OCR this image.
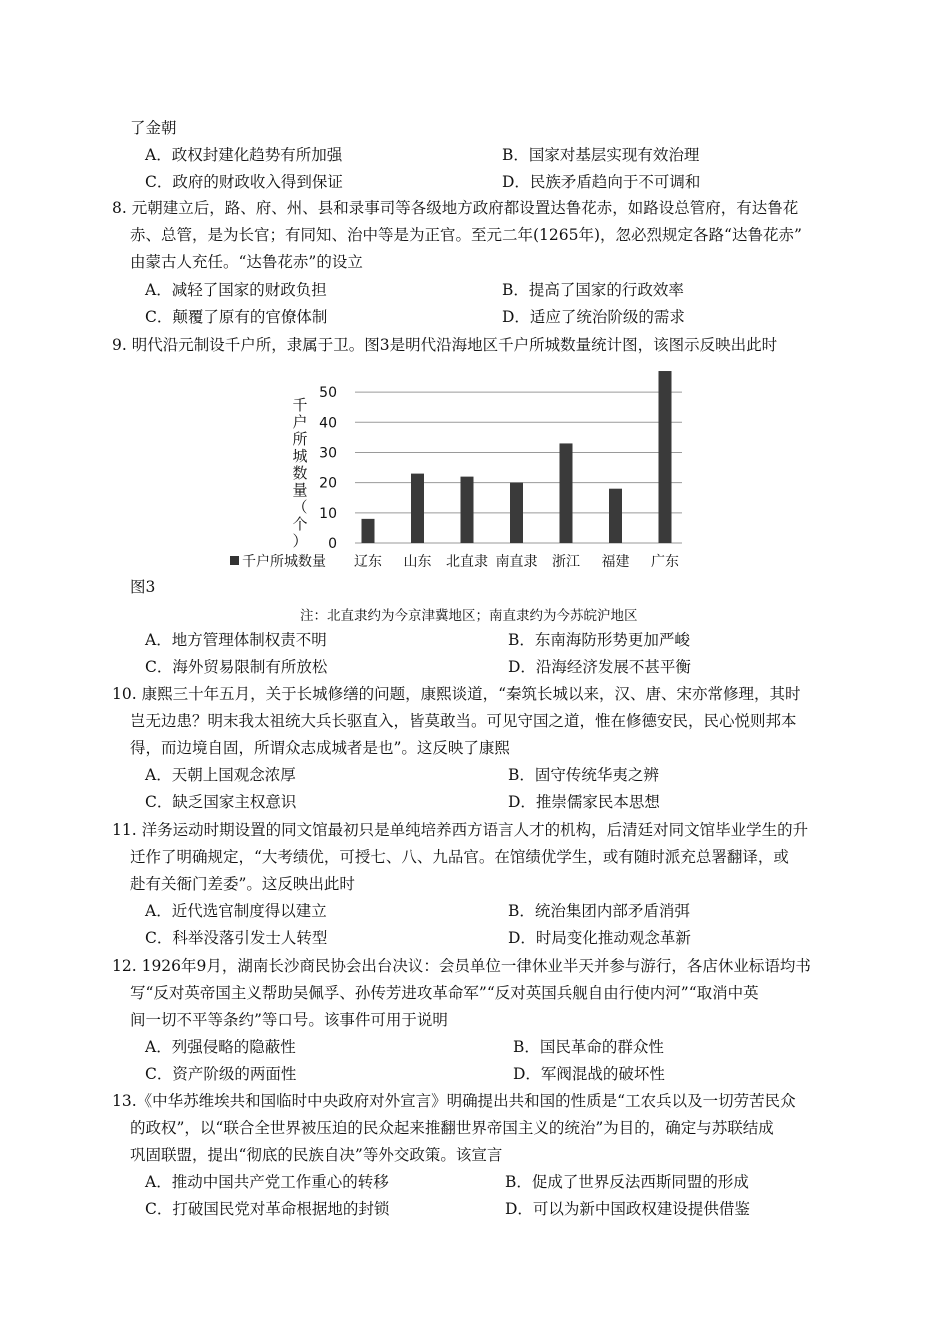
了金朝
A．政权封建化趋势有所加强	B．国家对基层实现有效治理
C．政府的财政收入得到保证	D．民族矛盾趋向于不可调和
8. 元朝建立后，路、府、州、县和录事司等各级地方政府都设置达鲁花赤，如路设总管府，有达鲁花
赤、总管，是为长官；有同知、治中等是为正官。至元二年(1265年)，忽必烈规定各路“达鲁花赤”
由蒙古人充任。“达鲁花赤”的设立
A．减轻了国家的财政负担	B．提高了国家的行政效率
C．颠覆了原有的官僚体制	D．适应了统治阶级的需求
9. 明代沿元制设千户所，隶属于卫。图3是明代沿海地区千户所城数量统计图，该图示反映出此时
千
户
所
城
数
量
（
个
） 0
10
20
30
40
50
辽东 山东 北直隶 南直隶 浙江 福建 广东
图3
注：北直隶约为今京津冀地区；南直隶约为今苏皖沪地区
A．地方管理体制权责不明	B．东南海防形势更加严峻
C．海外贸易限制有所放松	D．沿海经济发展不甚平衡
10. 康熙三十年五月，关于长城修缮的问题，康熙谈道，“秦筑长城以来，汉、唐、宋亦常修理，其时
岂无边患？明末我太祖统大兵长驱直入，皆莫敢当。可见守国之道，惟在修德安民，民心悦则邦本
得，而边境自固，所谓众志成城者是也”。这反映了康熙
A．天朝上国观念浓厚	B．固守传统华夷之辨
C．缺乏国家主权意识	D．推崇儒家民本思想
11. 洋务运动时期设置的同文馆最初只是单纯培养西方语言人才的机构，后清廷对同文馆毕业学生的升
迁作了明确规定，“大考绩优，可授七、八、九品官。在馆绩优学生，或有随时派充总署翻译，或
赴有关衙门差委”。这反映出此时
A．近代选官制度得以建立	B．统治集团内部矛盾消弭
C．科举没落引发士人转型	D．时局变化推动观念革新
12. 1926年9月，湖南长沙商民协会出台决议：会员单位一律休业半天并参与游行，各店休业标语均书
写“反对英帝国主义帮助吴佩孚、孙传芳进攻革命军”“反对英国兵舰自由行使内河”“取消中英
间一切不平等条约”等口号。该事件可用于说明
A．列强侵略的隐蔽性	B．国民革命的群众性
C．资产阶级的两面性	D．军阀混战的破坏性
13.《中华苏维埃共和国临时中央政府对外宣言》明确提出共和国的性质是“工农兵以及一切劳苦民众
的政权”，以“联合全世界被压迫的民众起来推翻世界帝国主义的统治”为目的，确定与苏联结成
巩固联盟，提出“彻底的民族自决”等外交政策。该宣言
A．推动中国共产党工作重心的转移	B．促成了世界反法西斯同盟的形成
C．打破国民党对革命根据地的封锁	D．可以为新中国政权建设提供借鉴
千户所城数量
